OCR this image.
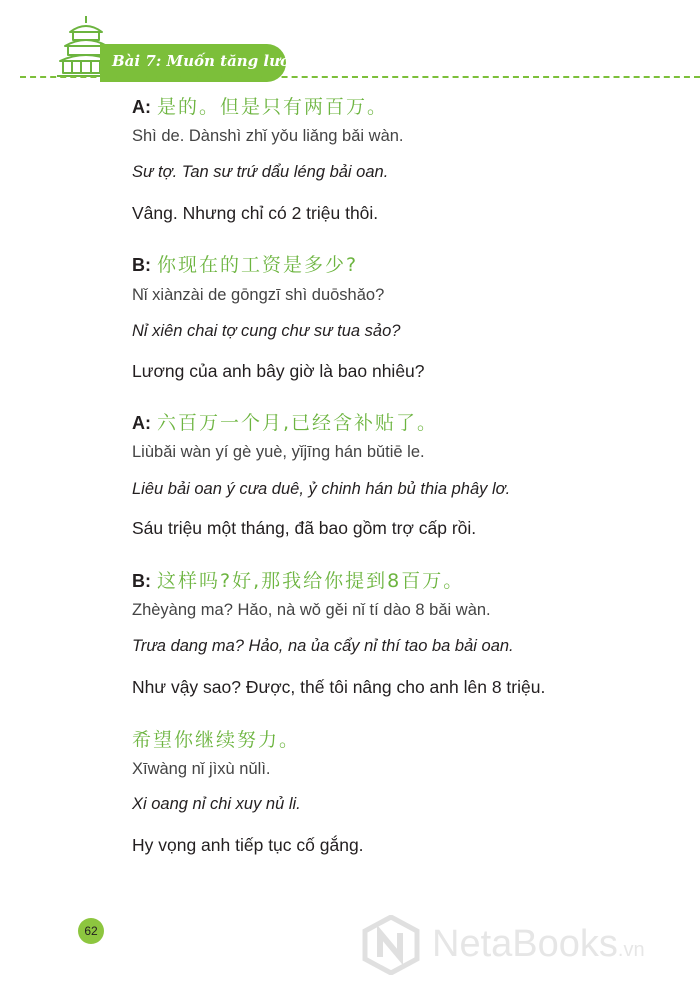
Bài 7: Muốn tăng lương
A: 是的。但是只有两百万。
Shì de. Dànshì zhǐ yǒu liǎng bǎi wàn.
Sư tợ. Tan sư trứ dẩu léng bải oan.
Vâng. Nhưng chỉ có 2 triệu thôi.
B: 你现在的工资是多少?
Nǐ xiànzài de gōngzī shì duōshǎo?
Nỉ xiên chai tợ cung chư sư tua sảo?
Lương của anh bây giờ là bao nhiêu?
A: 六百万一个月,已经含补贴了。
Liùbǎi wàn yí gè yuè, yǐjīng hán bǔtiē le.
Liêu bải oan ý cưa duê, ỷ chinh hán bủ thia phây lơ.
Sáu triệu một tháng, đã bao gồm trợ cấp rồi.
B: 这样吗?好,那我给你提到8百万。
Zhèyàng ma? Hǎo, nà wǒ gěi nǐ tí dào 8 bǎi wàn.
Trưa dang ma? Hảo, na ủa cẩy nỉ thí tao ba bải oan.
Như vậy sao? Được, thế tôi nâng cho anh lên 8 triệu.
希望你继续努力。
Xīwàng nǐ jìxù nǔlì.
Xi oang nỉ chi xuy nủ li.
Hy vọng anh tiếp tục cố gắng.
62	NetaBooks.vn
